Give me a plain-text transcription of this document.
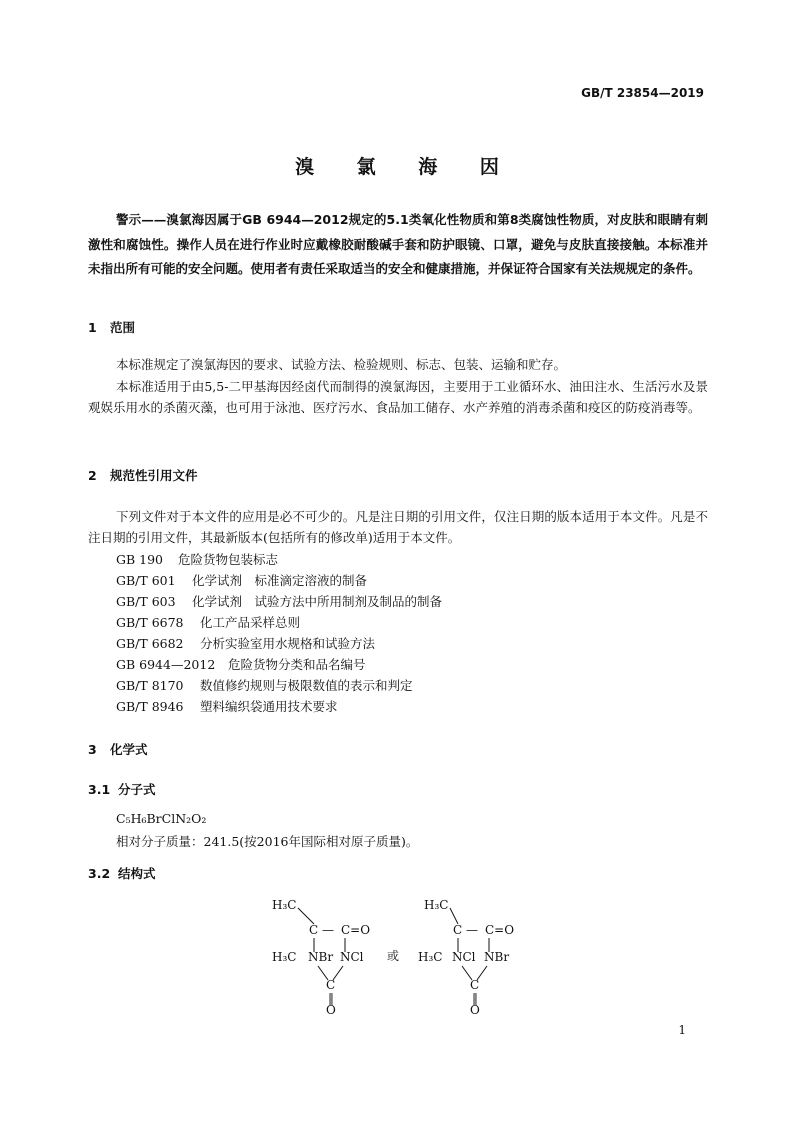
GB/T 23854—2019
溴 氯 海 因
警示——溴氯海因属于GB 6944—2012规定的5.1类氧化性物质和第8类腐蚀性物质，对皮肤和眼睛有刺激性和腐蚀性。操作人员在进行作业时应戴橡胶耐酸碱手套和防护眼镜、口罩，避免与皮肤直接接触。本标准并未指出所有可能的安全问题。使用者有责任采取适当的安全和健康措施，并保证符合国家有关法规规定的条件。
1 范围
本标准规定了溴氯海因的要求、试验方法、检验规则、标志、包装、运输和贮存。
本标准适用于由5,5-二甲基海因经卤代而制得的溴氯海因，主要用于工业循环水、油田注水、生活污水及景观娱乐用水的杀菌灭藻，也可用于泳池、医疗污水、食品加工储存、水产养殖的消毒杀菌和疫区的防疫消毒等。
2 规范性引用文件
下列文件对于本文件的应用是必不可少的。凡是注日期的引用文件，仅注日期的版本适用于本文件。凡是不注日期的引用文件，其最新版本(包括所有的修改单)适用于本文件。
GB 190 危险货物包装标志
GB/T 601 化学试剂　标准滴定溶液的制备
GB/T 603 化学试剂　试验方法中所用制剂及制品的制备
GB/T 6678 化工产品采样总则
GB/T 6682 分析实验室用水规格和试验方法
GB 6944—2012 危险货物分类和品名编号
GB/T 8170 数值修约规则与极限数值的表示和判定
GB/T 8946 塑料编织袋通用技术要求
3 化学式
3.1 分子式
C₅H₆BrClN₂O₂
相对分子质量：241.5(按2016年国际相对原子质量)。
3.2 结构式
H₃C
C — C=O
H₃C NBr NCl
C
‖
O
或
H₃C
C — C=O
H₃C NCl NBr
C
‖
O
1
